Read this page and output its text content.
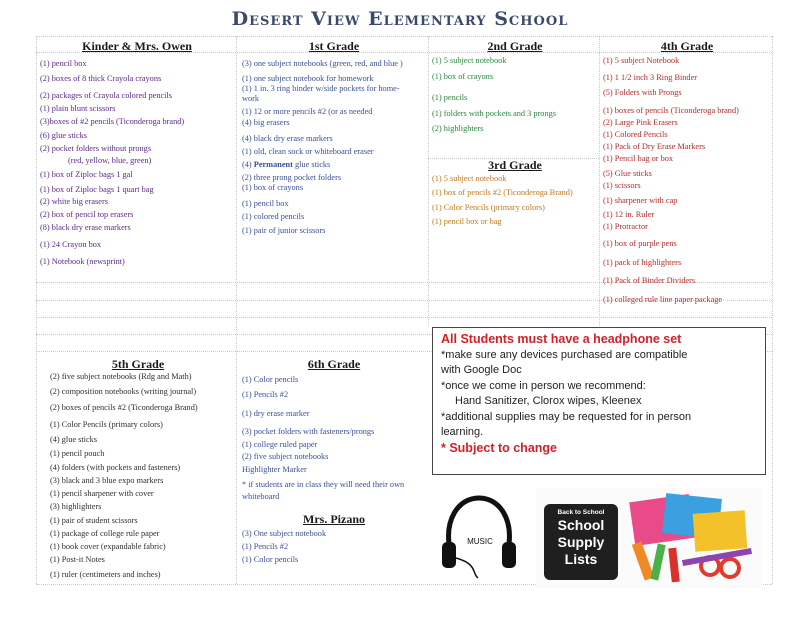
Desert View Elementary School
Kinder & Mrs. Owen
(1) pencil box
(2) boxes of 8 thick Crayola crayons
(2) packages of Crayola colored pencils
(1) plain blunt scissors
(3)boxes of #2 pencils (Ticonderoga brand)
(6) glue sticks
(2) pocket folders without prongs
(red, yellow, blue, green)
(1) box of Ziploc bags 1 gal
(1) box of Ziploc bags 1 quart bag
(2) white big erasers
(2) box of pencil top erasers
(8) black dry erase markers
(1) 24 Crayon box
(1) Notebook (newsprint)
1st Grade
(3) one subject notebooks (green, red, and blue )
(1) one subject notebook for homework
(1) 1 in. 3 ring binder w/side pockets for home-
work
(1) 12 or more pencils #2 (or as needed
(4) big erasers
(4) black dry erase markers
(1) old, clean sock or whiteboard eraser
(4) Permanent glue sticks
(2) three prong pocket folders
(1) box of crayons
(1) pencil box
(1) colored pencils
(1) pair of junior scissors
2nd Grade
(1) 5 subject notebook
(1) box of crayons
(1) pencils
(1) folders with pockets and 3 prongs
(2) highlighters
3rd Grade
(1) 5 subject notebook
(1) box of pencils #2 (Ticonderoga Brand)
(1) Color Pencils (primary colors)
(1) pencil box or bag
4th Grade
(1) 5 subject Notebook
(1) 1 1/2 inch 3 Ring Binder
(5) Folders with Prongs
(1) boxes of pencils (Ticonderoga brand)
(2) Large Pink Erasers
(1) Colored Pencils
(1) Pack of Dry Erase Markers
(1) Pencil bag or box
(5) Glue sticks
(1) scissors
(1) sharpener with cap
(1) 12 in. Ruler
(1) Protractor
(1) box of purple pens
(1) pack of highlighters
(1) Pack of Binder Dividers
(1) colleged rule line paper package
5th Grade
(2) five subject notebooks (Rdg and Math)
(2) composition notebooks (writing journal)
(2) boxes of pencils #2 (Ticonderoga Brand)
(1) Color Pencils (primary colors)
(4) glue sticks
(1) pencil pouch
(4) folders (with pockets and fasteners)
(3) black and 3 blue expo markers
(1) pencil sharpener with cover
(3) highlighters
(1) pair of student scissors
(1) package of college rule paper
(1) book cover (expandable fabric)
(1) Post-it Notes
(1) ruler (centimeters and inches)
6th Grade
(1) Color pencils
(1) Pencils #2
(1) dry erase marker
(3) pocket folders with fasteners/prongs
(1) college ruled paper
(2) five subject notebooks
Highlighter Marker
* if students are in class they will need their own
whiteboard
Mrs. Pizano
(3) One subject notebook
(1) Pencils #2
(1) Color pencils
All Students must have a headphone set
*make sure any devices purchased are compatible
with Google Doc
*once we come in person we recommend:
Hand Sanitizer, Clorox wipes, Kleenex
*additional supplies may be requested for in person
learning.
* Subject to change
MUSIC
Back to School
School
Supply
Lists
